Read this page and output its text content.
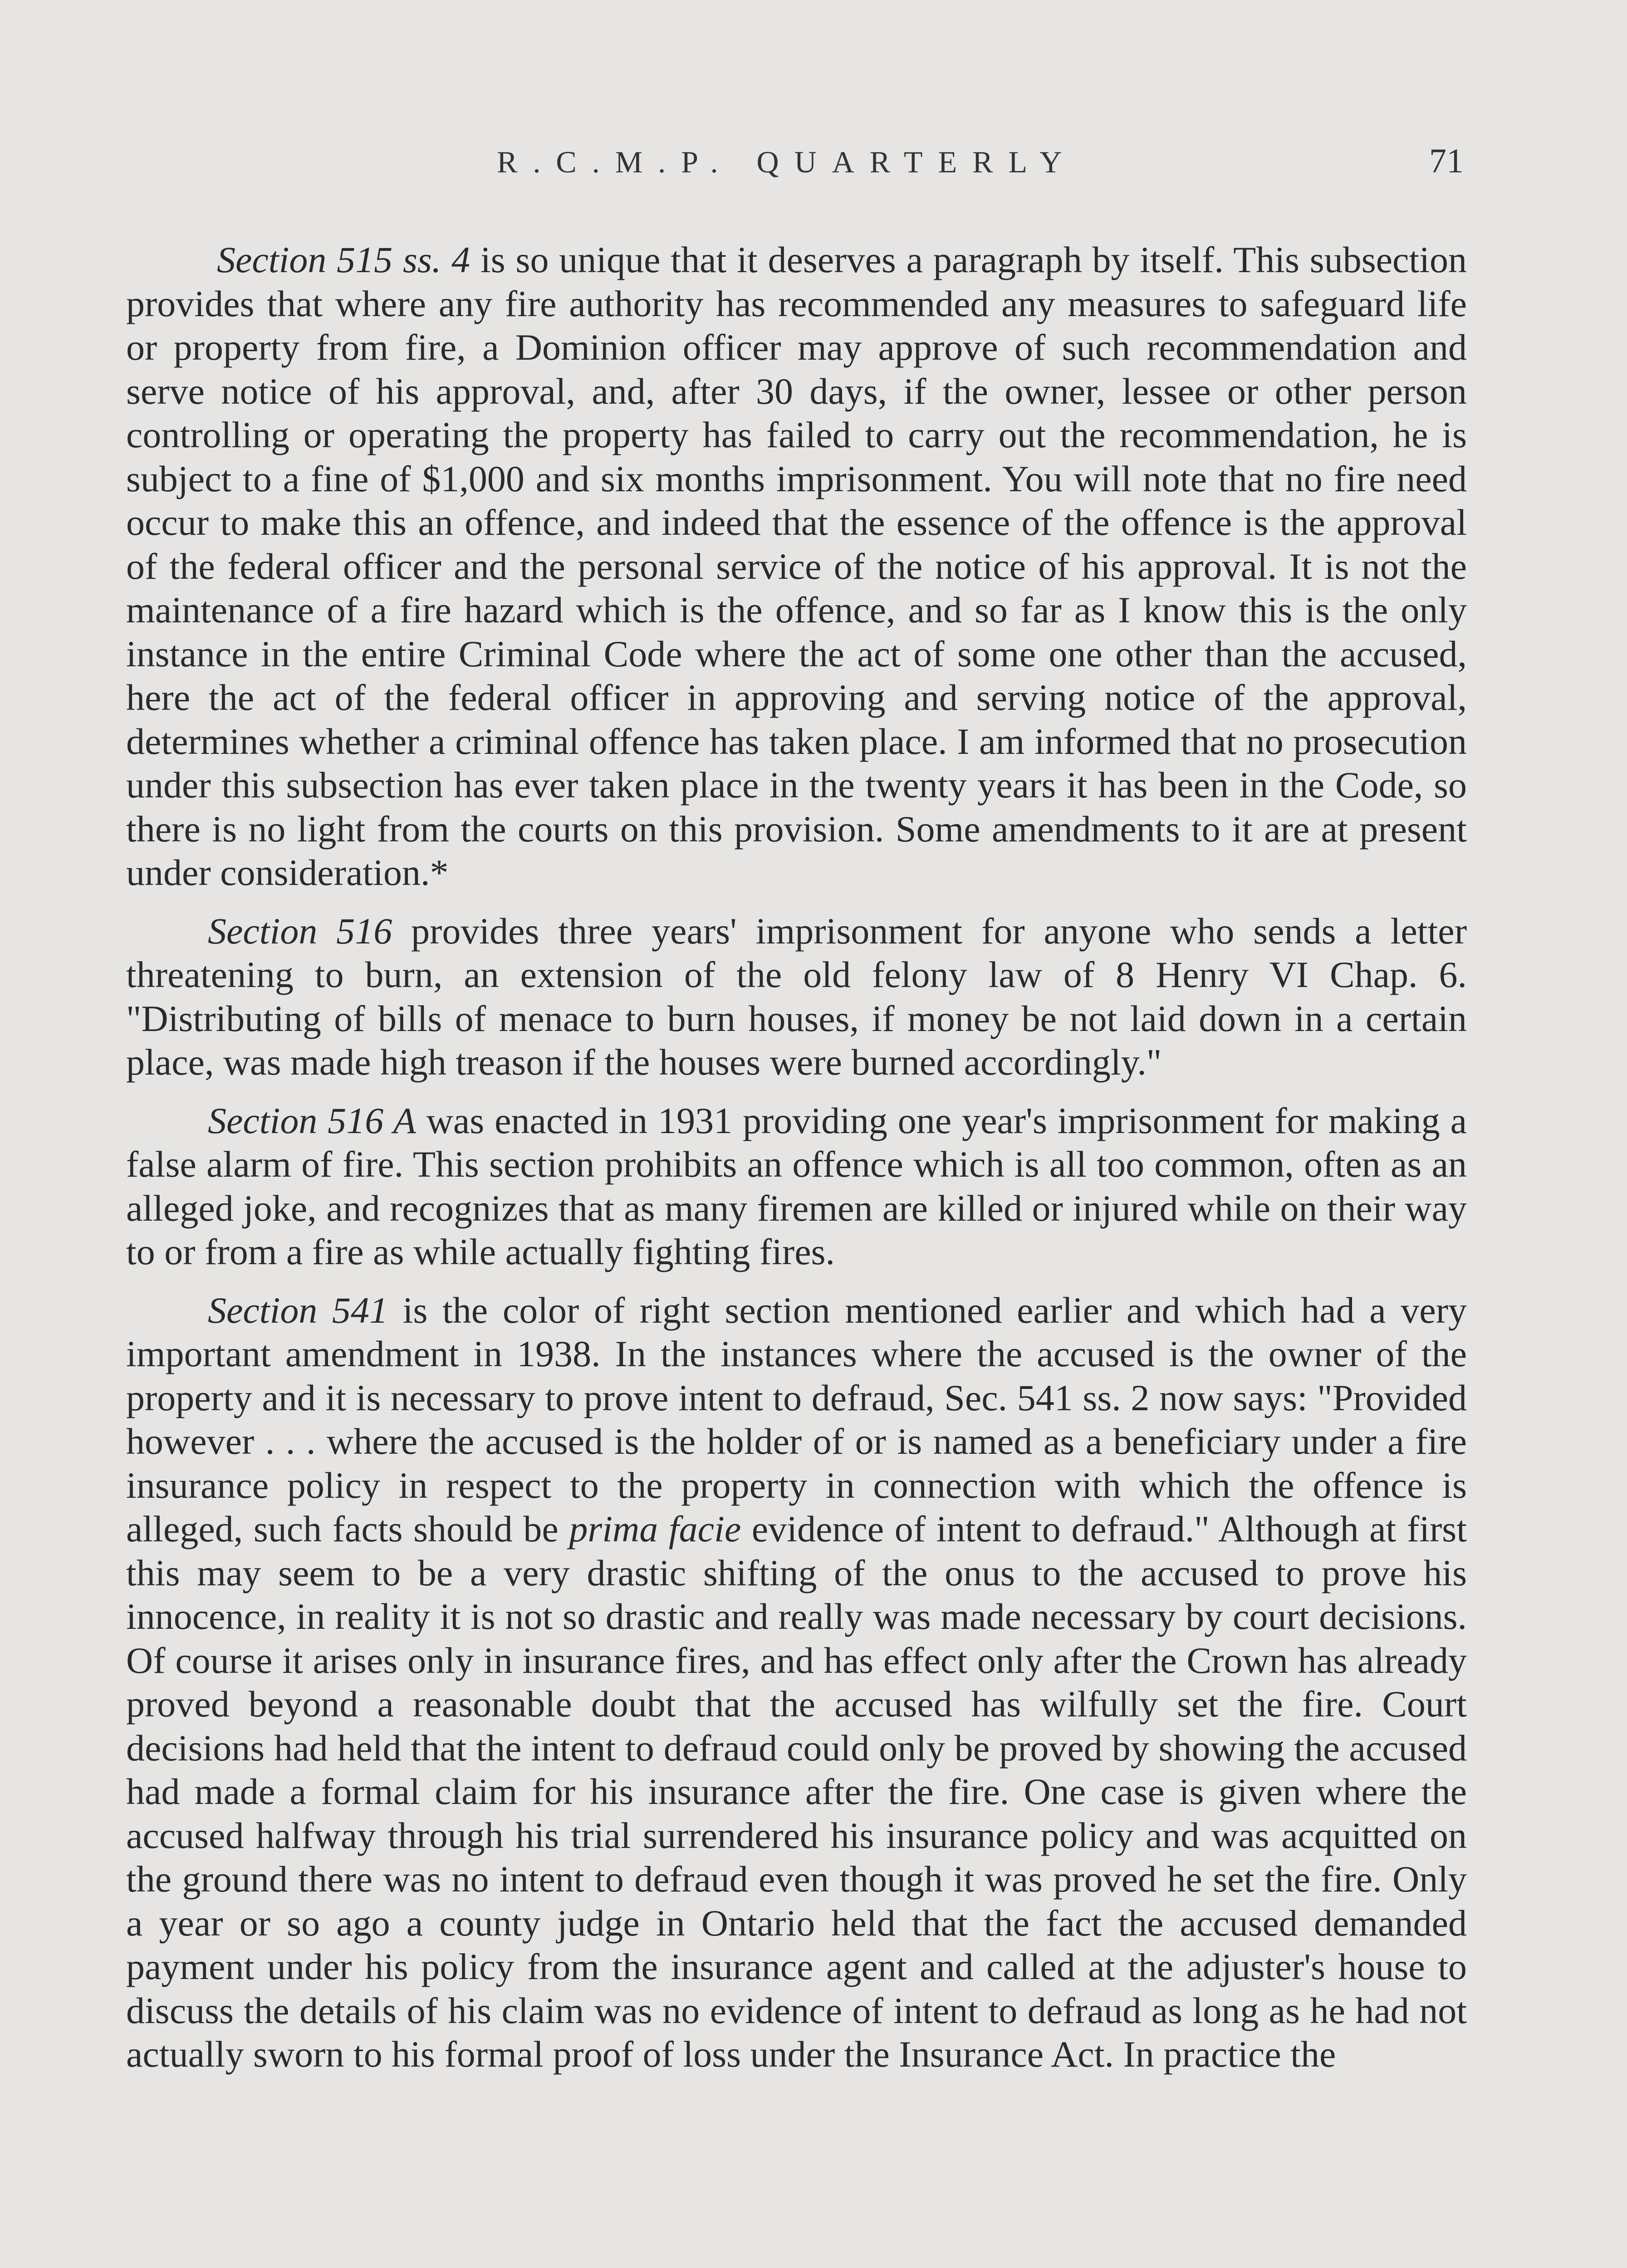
R.C.M.P. QUARTERLY	71

Section 515 ss. 4 is so unique that it deserves a paragraph by itself. This subsection provides that where any fire authority has recommended any measures to safeguard life or property from fire, a Dominion officer may approve of such recommendation and serve notice of his approval, and, after 30 days, if the owner, lessee or other person controlling or operating the property has failed to carry out the recommendation, he is subject to a fine of $1,000 and six months imprisonment. You will note that no fire need occur to make this an offence, and indeed that the essence of the offence is the approval of the federal officer and the personal service of the notice of his approval. It is not the maintenance of a fire hazard which is the offence, and so far as I know this is the only instance in the entire Criminal Code where the act of some one other than the accused, here the act of the federal officer in approving and serving notice of the approval, determines whether a criminal offence has taken place. I am informed that no prosecution under this subsection has ever taken place in the twenty years it has been in the Code, so there is no light from the courts on this provision. Some amendments to it are at present under consideration.*

Section 516 provides three years' imprisonment for anyone who sends a letter threatening to burn, an extension of the old felony law of 8 Henry VI Chap. 6. "Distributing of bills of menace to burn houses, if money be not laid down in a certain place, was made high treason if the houses were burned accordingly."

Section 516 A was enacted in 1931 providing one year's imprisonment for making a false alarm of fire. This section prohibits an offence which is all too common, often as an alleged joke, and recognizes that as many firemen are killed or injured while on their way to or from a fire as while actually fighting fires.

Section 541 is the color of right section mentioned earlier and which had a very important amendment in 1938. In the instances where the accused is the owner of the property and it is necessary to prove intent to defraud, Sec. 541 ss. 2 now says: "Provided however . . . where the accused is the holder of or is named as a beneficiary under a fire insurance policy in respect to the property in connection with which the offence is alleged, such facts should be prima facie evidence of intent to defraud." Although at first this may seem to be a very drastic shifting of the onus to the accused to prove his innocence, in reality it is not so drastic and really was made necessary by court decisions. Of course it arises only in insurance fires, and has effect only after the Crown has already proved beyond a reasonable doubt that the accused has wilfully set the fire. Court decisions had held that the intent to defraud could only be proved by showing the accused had made a formal claim for his insurance after the fire. One case is given where the accused halfway through his trial surrendered his insurance policy and was acquitted on the ground there was no intent to defraud even though it was proved he set the fire. Only a year or so ago a county judge in Ontario held that the fact the accused demanded payment under his policy from the insurance agent and called at the adjuster's house to discuss the details of his claim was no evidence of intent to defraud as long as he had not actually sworn to his formal proof of loss under the Insurance Act. In practice the
